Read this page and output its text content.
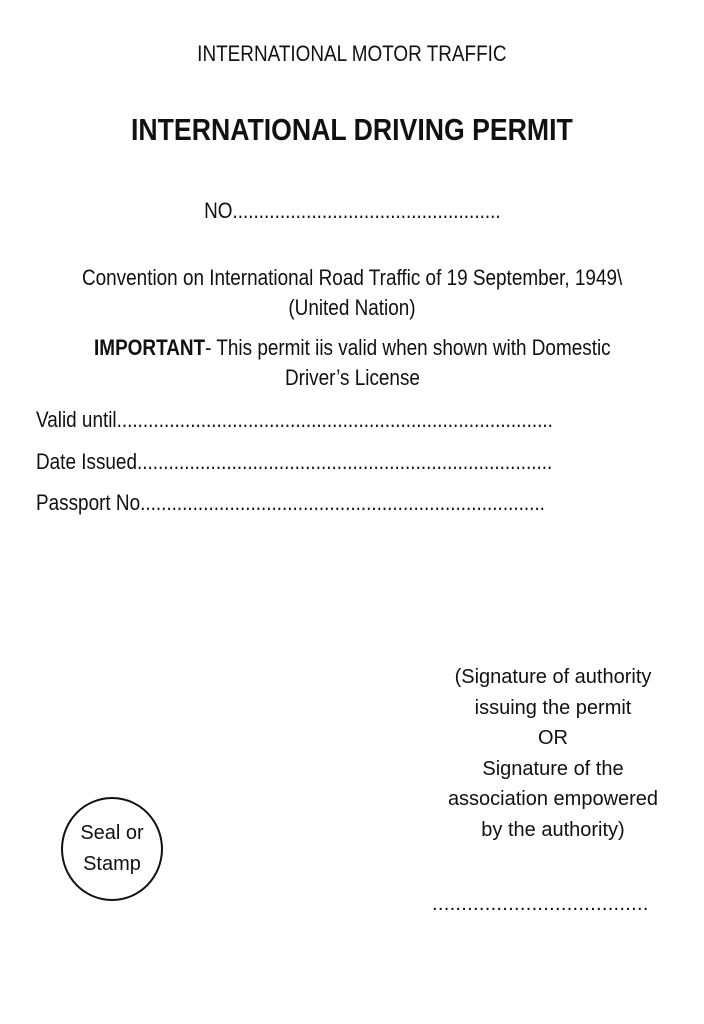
INTERNATIONAL MOTOR TRAFFIC
INTERNATIONAL DRIVING PERMIT
NO...................................................
Convention on International Road Traffic of 19 September, 1949\
(United Nation)
IMPORTANT- This permit iis valid when shown with Domestic
Driver’s License
Valid until...................................................................................
Date Issued...............................................................................
Passport No.............................................................................
(Signature of authority
issuing the permit
OR
Signature of the
association empowered
by the authority)
.....................................
Seal or
Stamp
